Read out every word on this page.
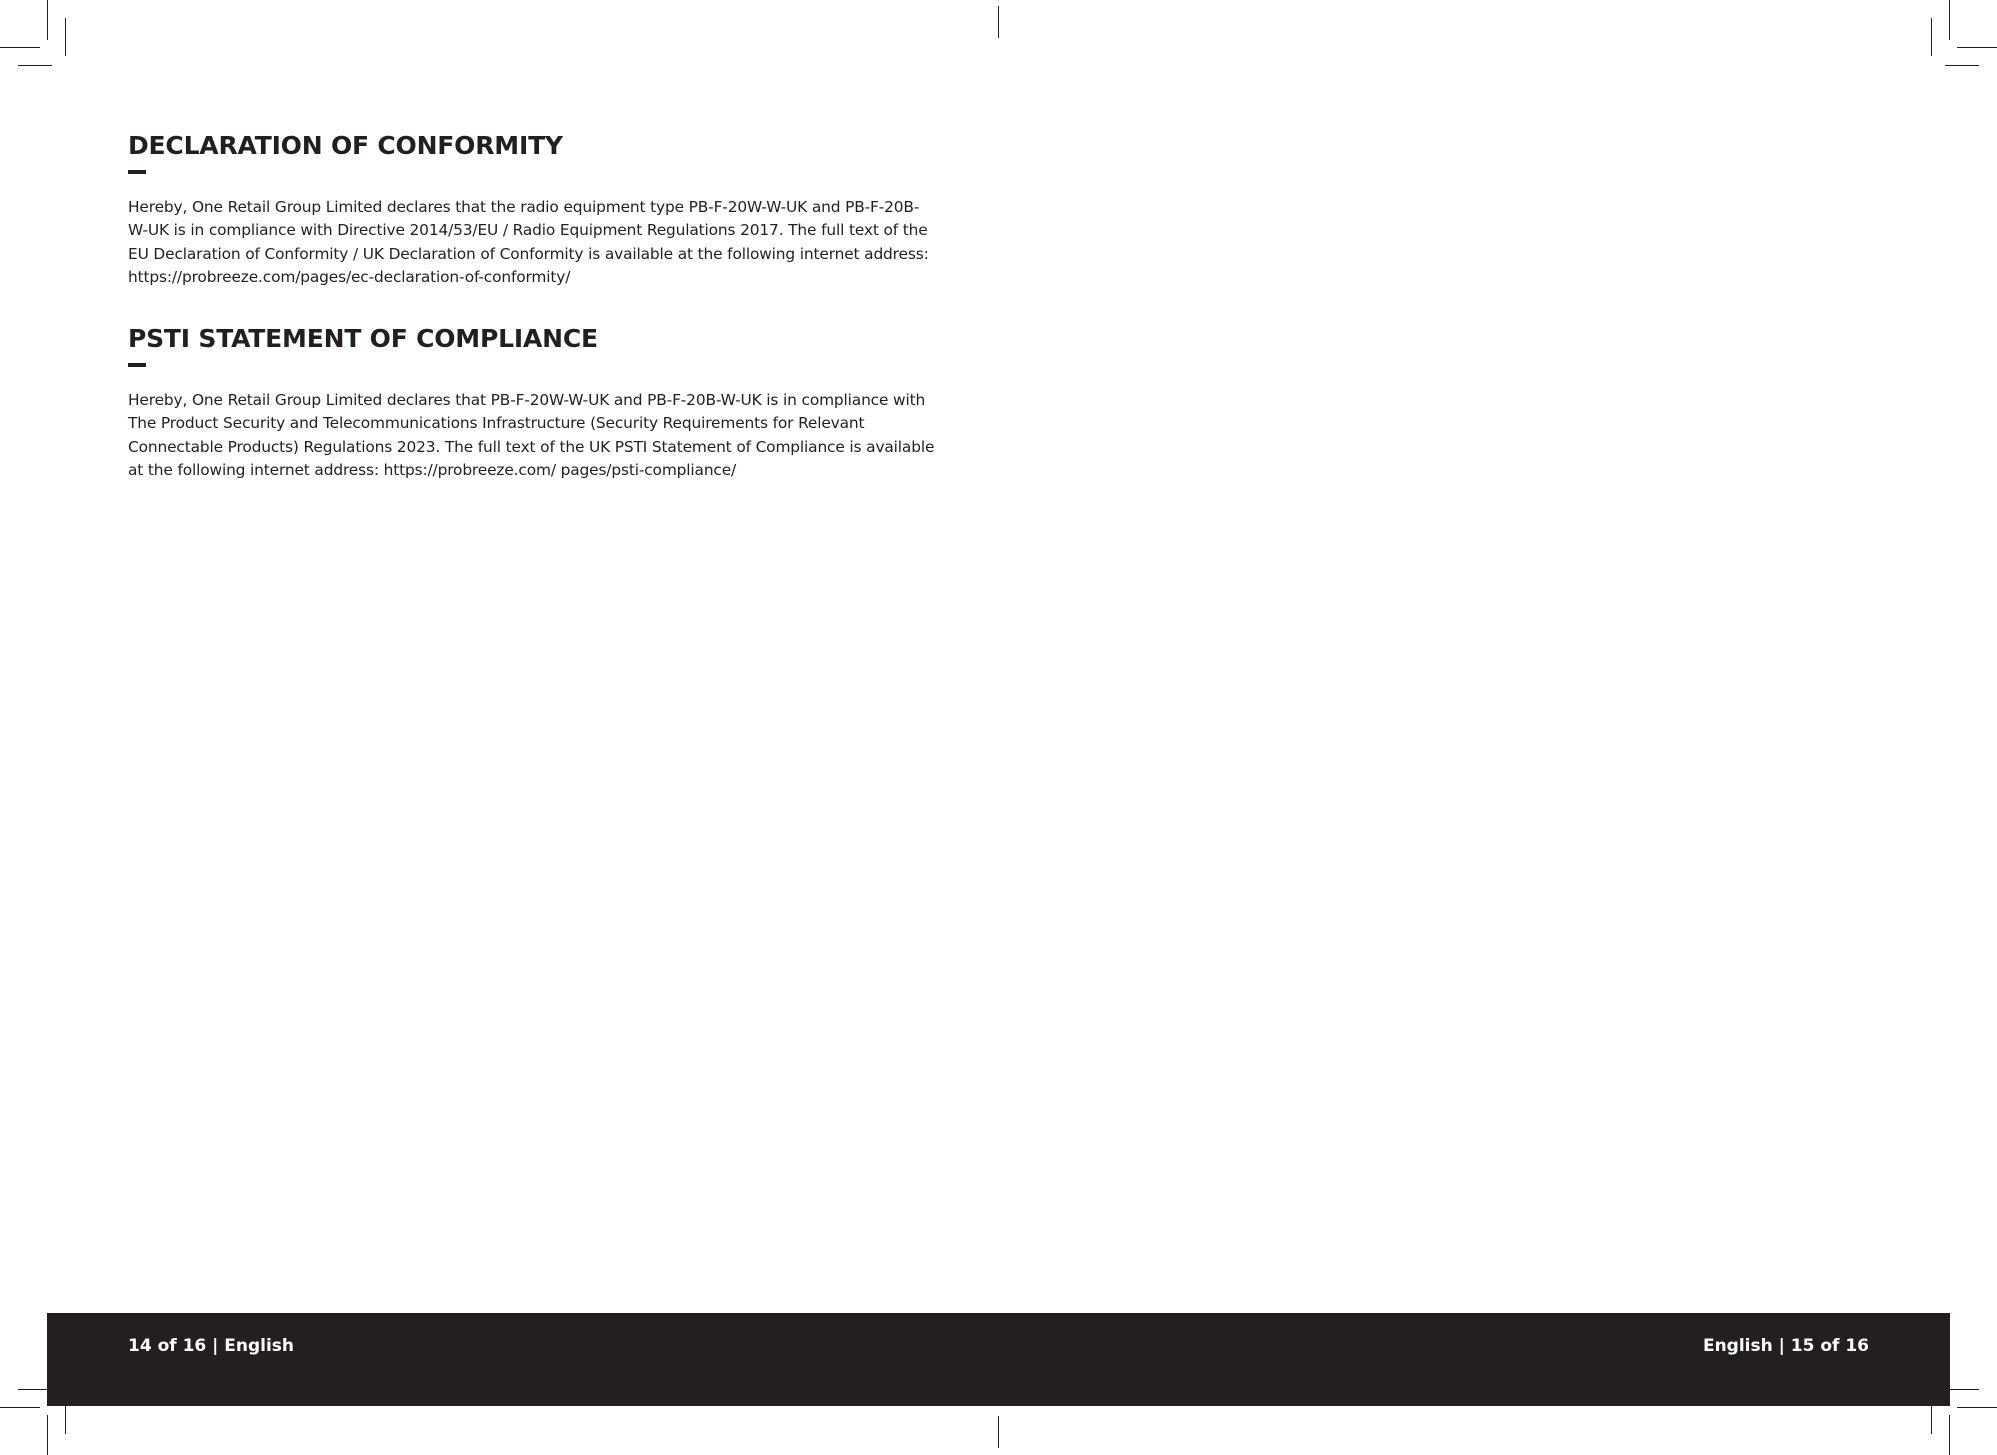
DECLARATION OF CONFORMITY

Hereby, One Retail Group Limited declares that the radio equipment type PB-F-20W-W-UK and PB-F-20B-W-UK is in compliance with Directive 2014/53/EU / Radio Equipment Regulations 2017. The full text of the EU Declaration of Conformity / UK Declaration of Conformity is available at the following internet address: https://probreeze.com/pages/ec-declaration-of-conformity/

PSTI STATEMENT OF COMPLIANCE

Hereby, One Retail Group Limited declares that PB-F-20W-W-UK and PB-F-20B-W-UK is in compliance with The Product Security and Telecommunications Infrastructure (Security Requirements for Relevant Connectable Products) Regulations 2023. The full text of the UK PSTI Statement of Compliance is available at the following internet address: https://probreeze.com/ pages/psti-compliance/

14 of 16 | English	English | 15 of 16
